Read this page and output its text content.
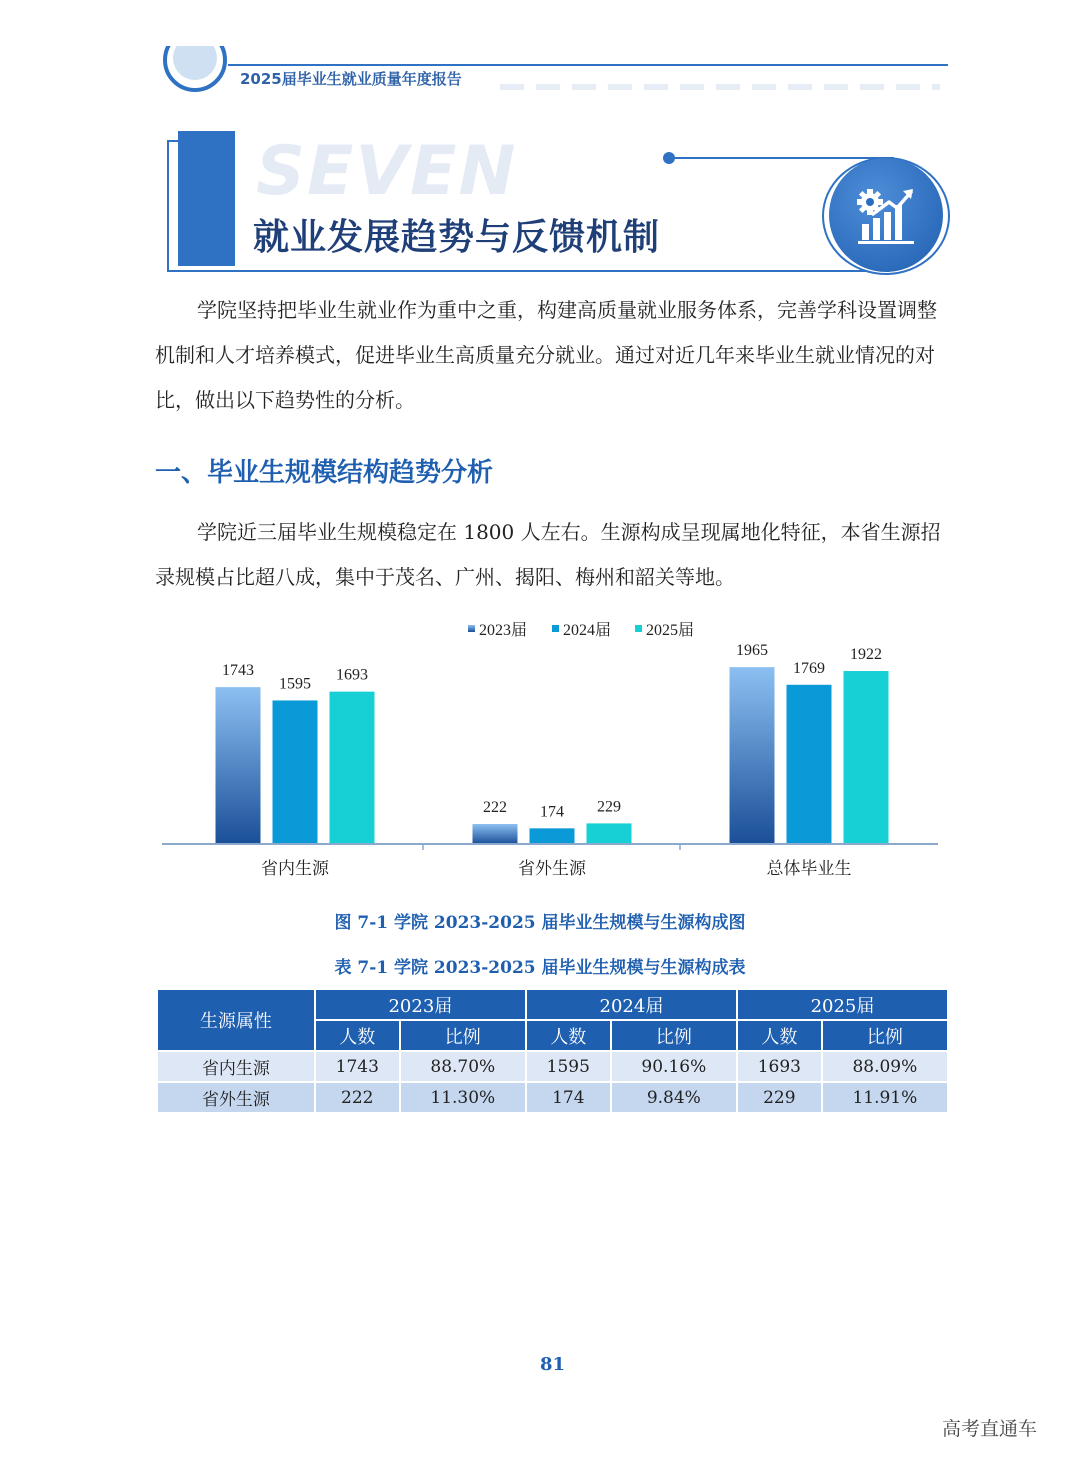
2025届毕业生就业质量年度报告
SEVEN
就业发展趋势与反馈机制

学院坚持把毕业生就业作为重中之重，构建高质量就业服务体系，完善学科设置调整机制和人才培养模式，促进毕业生高质量充分就业。通过对近几年来毕业生就业情况的对比，做出以下趋势性的分析。

一、毕业生规模结构趋势分析

学院近三届毕业生规模稳定在 1800 人左右。生源构成呈现属地化特征，本省生源招录规模占比超八成，集中于茂名、广州、揭阳、梅州和韶关等地。

2023届 2024届 2025届
1743
1595
1693
222 174 229
1965
1769
1922
省内生源	省外生源	总体毕业生
图 7-1 学院 2023-2025 届毕业生规模与生源构成图
表 7-1 学院 2023-2025 届毕业生规模与生源构成表
生源属性	2023届		2024届		2025届	
	人数	比例	人数	比例	人数	比例
省内生源	1743	88.70%	1595	90.16%	1693	88.09%
省外生源	222	11.30%	174	9.84%	229	11.91%
81
高考直通车
